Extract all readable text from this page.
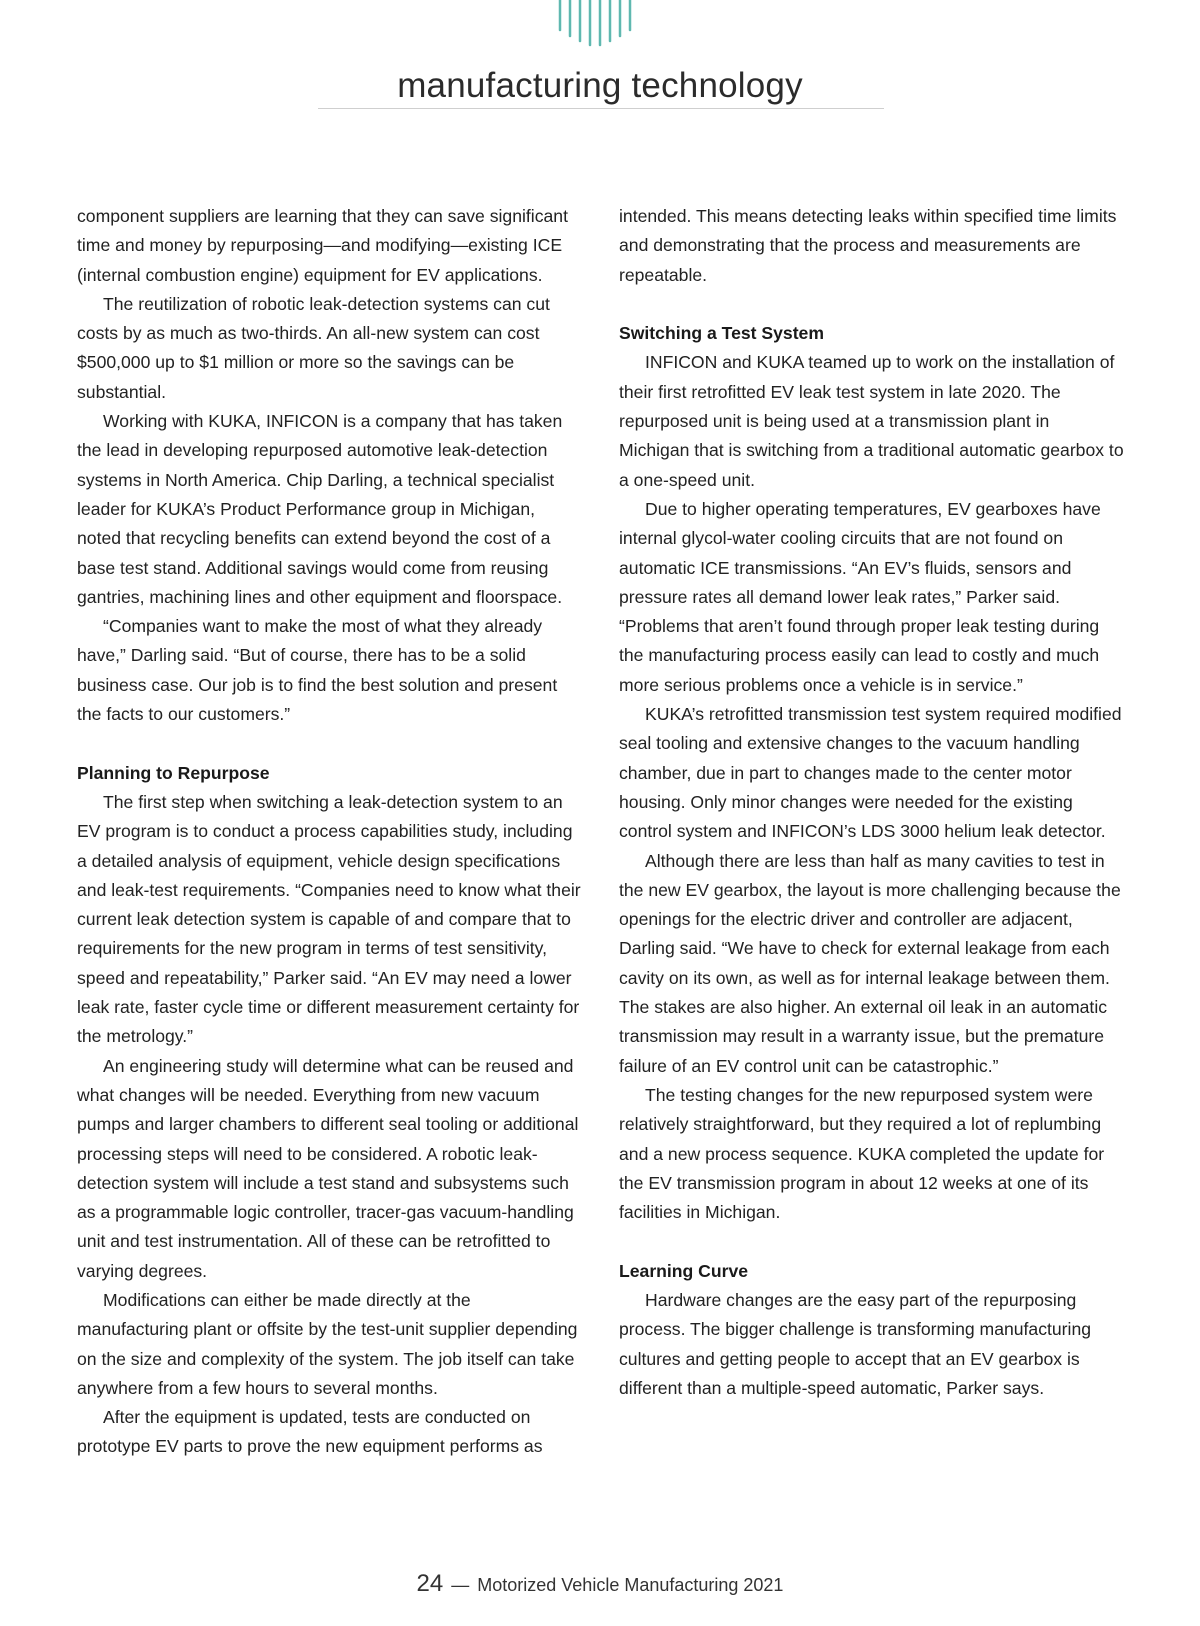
manufacturing technology

component suppliers are learning that they can save significant time and money by repurposing—and modifying—existing ICE (internal combustion engine) equipment for EV applications.

The reutilization of robotic leak-detection systems can cut costs by as much as two-thirds. An all-new system can cost $500,000 up to $1 million or more so the savings can be substantial.

Working with KUKA, INFICON is a company that has taken the lead in developing repurposed automotive leak-detection systems in North America. Chip Darling, a technical specialist leader for KUKA’s Product Performance group in Michigan, noted that recycling benefits can extend beyond the cost of a base test stand. Additional savings would come from reusing gantries, machining lines and other equipment and floorspace.

“Companies want to make the most of what they already have,” Darling said. “But of course, there has to be a solid business case. Our job is to find the best solution and present the facts to our customers.”

Planning to Repurpose

The first step when switching a leak-detection system to an EV program is to conduct a process capabilities study, including a detailed analysis of equipment, vehicle design specifications and leak-test requirements. “Companies need to know what their current leak detection system is capable of and compare that to requirements for the new program in terms of test sensitivity, speed and repeatability,” Parker said. “An EV may need a lower leak rate, faster cycle time or different measurement certainty for the metrology.”

An engineering study will determine what can be reused and what changes will be needed. Everything from new vacuum pumps and larger chambers to different seal tooling or additional processing steps will need to be considered. A robotic leak-detection system will include a test stand and subsystems such as a programmable logic controller, tracer-gas vacuum-handling unit and test instrumentation. All of these can be retrofitted to varying degrees.

Modifications can either be made directly at the manufacturing plant or offsite by the test-unit supplier depending on the size and complexity of the system. The job itself can take anywhere from a few hours to several months.

After the equipment is updated, tests are conducted on prototype EV parts to prove the new equipment performs as

intended. This means detecting leaks within specified time limits and demonstrating that the process and measurements are repeatable.

Switching a Test System

INFICON and KUKA teamed up to work on the installation of their first retrofitted EV leak test system in late 2020. The repurposed unit is being used at a transmission plant in Michigan that is switching from a traditional automatic gearbox to a one-speed unit.

Due to higher operating temperatures, EV gearboxes have internal glycol-water cooling circuits that are not found on automatic ICE transmissions. “An EV’s fluids, sensors and pressure rates all demand lower leak rates,” Parker said. “Problems that aren’t found through proper leak testing during the manufacturing process easily can lead to costly and much more serious problems once a vehicle is in service.”

KUKA’s retrofitted transmission test system required modified seal tooling and extensive changes to the vacuum handling chamber, due in part to changes made to the center motor housing. Only minor changes were needed for the existing control system and INFICON’s LDS 3000 helium leak detector.

Although there are less than half as many cavities to test in the new EV gearbox, the layout is more challenging because the openings for the electric driver and controller are adjacent, Darling said. “We have to check for external leakage from each cavity on its own, as well as for internal leakage between them. The stakes are also higher. An external oil leak in an automatic transmission may result in a warranty issue, but the premature failure of an EV control unit can be catastrophic.”

The testing changes for the new repurposed system were relatively straightforward, but they required a lot of replumbing and a new process sequence. KUKA completed the update for the EV transmission program in about 12 weeks at one of its facilities in Michigan.

Learning Curve

Hardware changes are the easy part of the repurposing process. The bigger challenge is transforming manufacturing cultures and getting people to accept that an EV gearbox is different than a multiple-speed automatic, Parker says.

24 — Motorized Vehicle Manufacturing 2021
